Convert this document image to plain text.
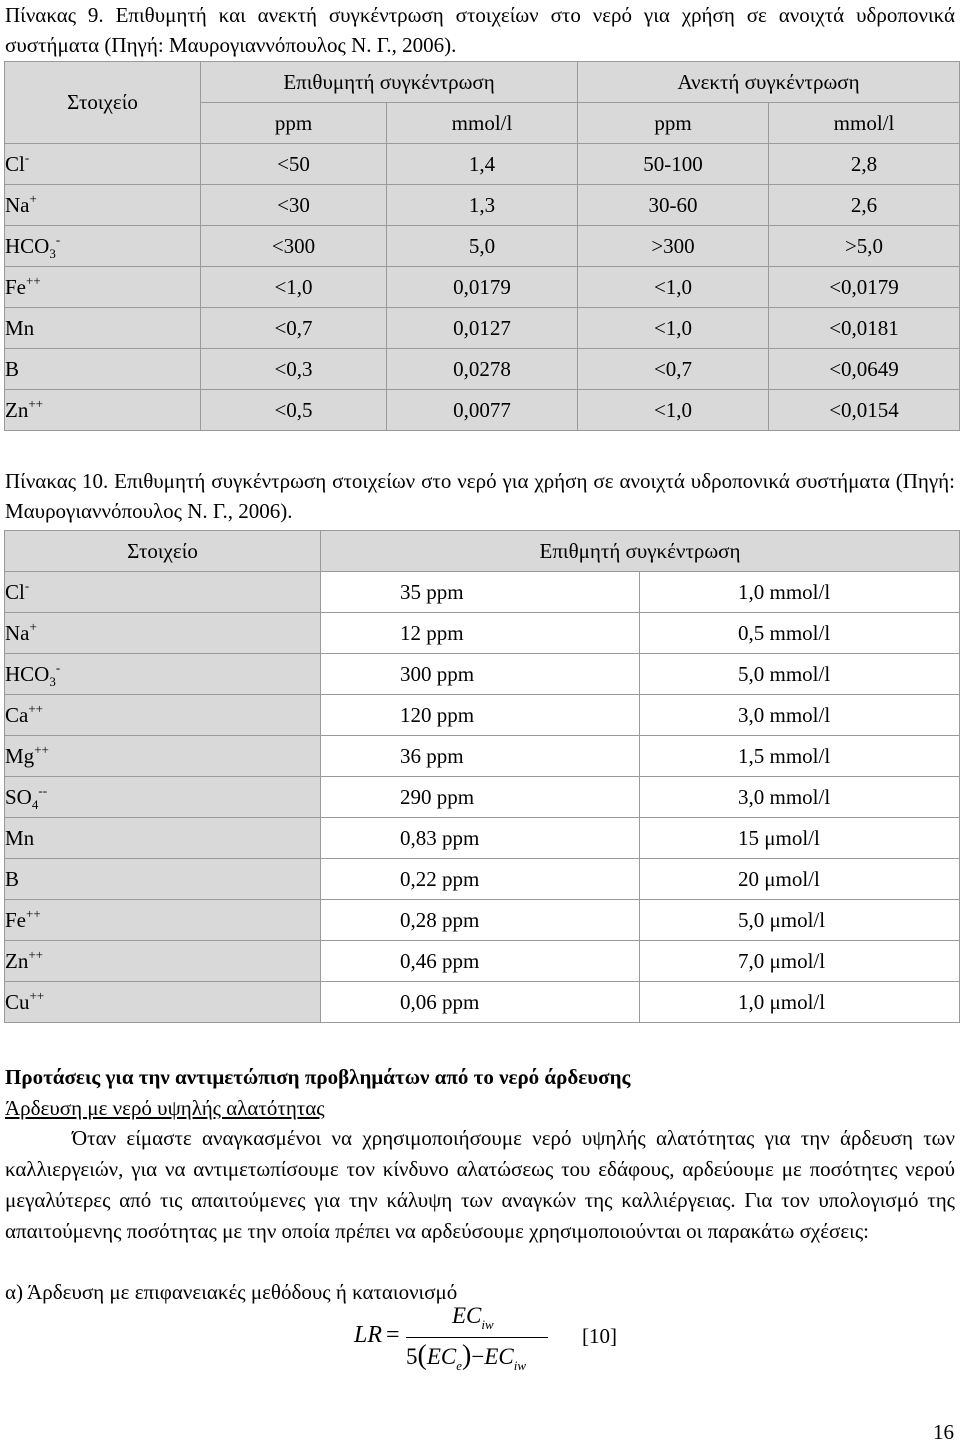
Πίνακας 9. Επιθυμητή και ανεκτή συγκέντρωση στοιχείων στο νερό για χρήση σε ανοιχτά υδροπονικά συστήματα (Πηγή: Μαυρογιαννόπουλος Ν. Γ., 2006).
Στοιχείο	Επιθυμητή συγκέντρωση		Ανεκτή συγκέντρωση	
	ppm	mmol/l	ppm	mmol/l
Cl-	<50	1,4	50-100	2,8
Na+	<30	1,3	30-60	2,6
$HCO_3^-$	<300	5,0	>300	>5,0
Fe++	<1,0	0,0179	<1,0	<0,0179
Mn	<0,7	0,0127	<1,0	<0,0181
B	<0,3	0,0278	<0,7	<0,0649
Zn++	<0,5	0,0077	<1,0	<0,0154
Πίνακας 10. Επιθυμητή συγκέντρωση στοιχείων στο νερό για χρήση σε ανοιχτά υδροπονικά συστήματα (Πηγή: Μαυρογιαννόπουλος Ν. Γ., 2006).
Στοιχείο	Επιθμητή συγκέντρωση	
Cl-	35 ppm	1,0 mmol/l
Na+	12 ppm	0,5 mmol/l
$HCO_3^-$	300 ppm	5,0 mmol/l
Ca++	120 ppm	3,0 mmol/l
Mg++	36 ppm	1,5 mmol/l
$SO_4^{--}$	290 ppm	3,0 mmol/l
Mn	0,83 ppm	15 μmol/l
B	0,22 ppm	20 μmol/l
Fe++	0,28 ppm	5,0 μmol/l
Zn++	0,46 ppm	7,0 μmol/l
Cu++	0,06 ppm	1,0 μmol/l
Προτάσεις για την αντιμετώπιση προβλημάτων από το νερό άρδευσης
Άρδευση με νερό υψηλής αλατότητας
Όταν είμαστε αναγκασμένοι να χρησιμοποιήσουμε νερό υψηλής αλατότητας για την άρδευση των καλλιεργειών, για να αντιμετωπίσουμε τον κίνδυνο αλατώσεως του εδάφους, αρδεύουμε με ποσότητες νερού μεγαλύτερες από τις απαιτούμενες για την κάλυψη των αναγκών της καλλιέργειας. Για τον υπολογισμό της απαιτούμενης ποσότητας με την οποία πρέπει να αρδεύσουμε χρησιμοποιούνται οι παρακάτω σχέσεις:
α) Άρδευση με επιφανειακές μεθόδους ή καταιονισμό
LR =
$EC_{iw}$
$5(EC_e)-EC_{iw}$
[10]
16
